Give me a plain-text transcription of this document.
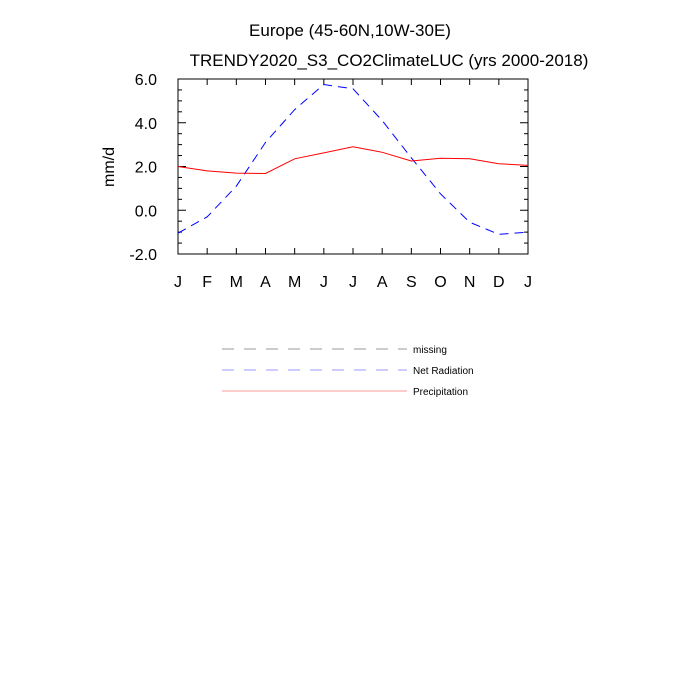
Europe (45-60N,10W-30E)
TRENDY2020_S3_CO2ClimateLUC (yrs 2000-2018)
mm/d
J F M A M J J A S O N D J
6.0
4.0
2.0
0.0
-2.0
missing
Net Radiation
Precipitation
